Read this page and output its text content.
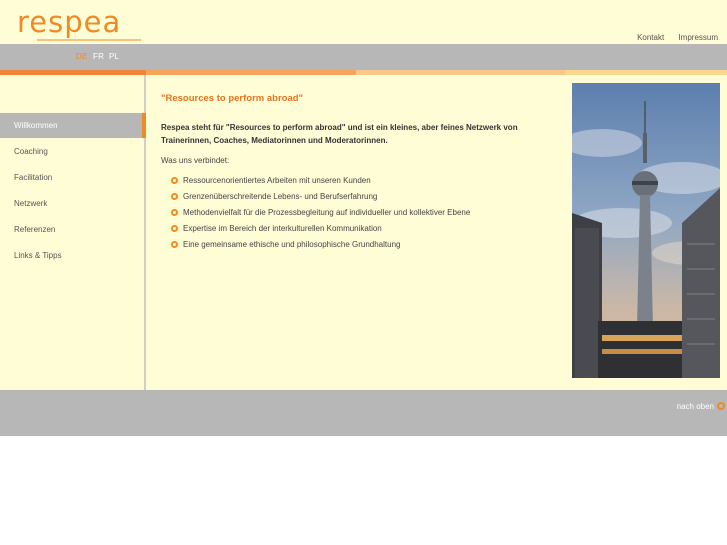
respea	Kontakt Impressum
DE FR PL
Willkommen
Coaching
Facilitation
Netzwerk
Referenzen
Links & Tipps
"Resources to perform abroad"
Respea steht für "Resources to perform abroad" und ist ein kleines, aber feines Netzwerk von Trainerinnen, Coaches, Mediatorinnen und Moderatorinnen.
Was uns verbindet:
Ressourcenorientiertes Arbeiten mit unseren Kunden
Grenzenüberschreitende Lebens- und Berufserfahrung
Methodenvielfalt für die Prozessbegleitung auf individueller und kollektiver Ebene
Expertise im Bereich der interkulturellen Kommunikation
Eine gemeinsame ethische und philosophische Grundhaltung
nach oben
